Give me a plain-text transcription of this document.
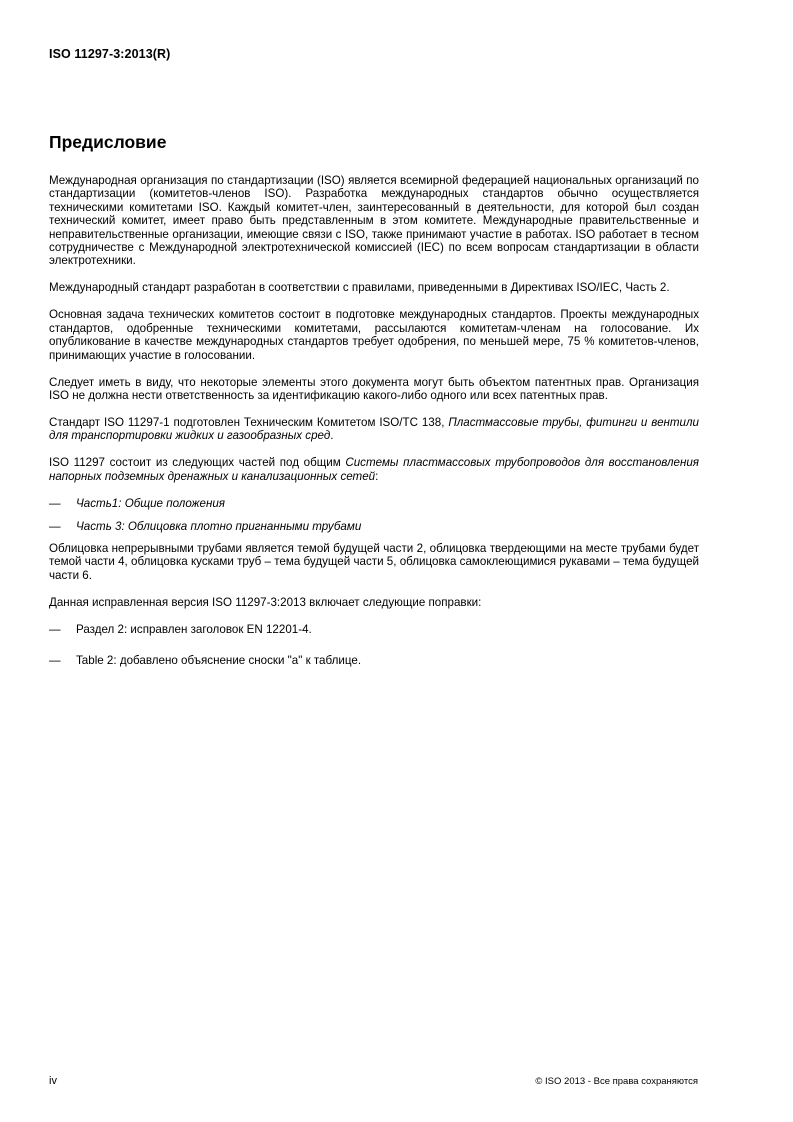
ISO 11297-3:2013(R)
Предисловие

Международная организация по стандартизации (ISO) является всемирной федерацией национальных организаций по стандартизации (комитетов-членов ISO). Разработка международных стандартов обычно осуществляется техническими комитетами ISO. Каждый комитет-член, заинтересованный в деятельности, для которой был создан технический комитет, имеет право быть представленным в этом комитете. Международные правительственные и неправительственные организации, имеющие связи с ISO, также принимают участие в работах. ISO работает в тесном сотрудничестве с Международной электротехнической комиссией (IEC) по всем вопросам стандартизации в области электротехники.

Международный стандарт разработан в соответствии с правилами, приведенными в Директивах ISO/IEC, Часть 2.

Основная задача технических комитетов состоит в подготовке международных стандартов. Проекты международных стандартов, одобренные техническими комитетами, рассылаются комитетам-членам на голосование. Их опубликование в качестве международных стандартов требует одобрения, по меньшей мере, 75 % комитетов-членов, принимающих участие в голосовании.

Следует иметь в виду, что некоторые элементы этого документа могут быть объектом патентных прав. Организация ISO не должна нести ответственность за идентификацию какого-либо одного или всех патентных прав.

Стандарт ISO 11297-1 подготовлен Техническим Комитетом ISO/TC 138, Пластмассовые трубы, фитинги и вентили для транспортировки жидких и газообразных сред.

ISO 11297 состоит из следующих частей под общим Системы пластмассовых трубопроводов для восстановления напорных подземных дренажных и канализационных сетей:

—	Часть1: Общие положения
—	Часть 3: Облицовка плотно пригнанными трубами

Облицовка непрерывными трубами является темой будущей части 2, облицовка твердеющими на месте трубами будет темой части 4, облицовка кусками труб – тема будущей части 5, облицовка самоклеющимися рукавами – тема будущей части 6.

Данная исправленная версия ISO 11297-3:2013 включает следующие поправки:

—	Раздел 2: исправлен заголовок EN 12201-4.
—	Table 2: добавлено объяснение сноски "a" к таблице.
iv	© ISO 2013 - Все права сохраняются
